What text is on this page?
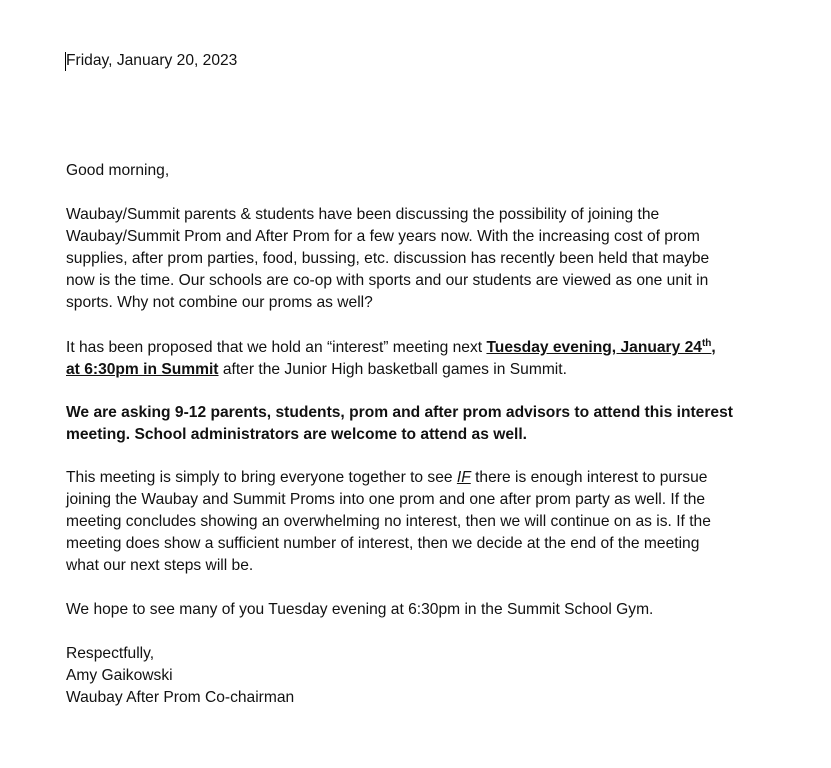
Friday, January 20, 2023
Good morning,
Waubay/Summit parents & students have been discussing the possibility of joining the
Waubay/Summit Prom and After Prom for a few years now. With the increasing cost of prom
supplies, after prom parties, food, bussing, etc. discussion has recently been held that maybe
now is the time. Our schools are co-op with sports and our students are viewed as one unit in
sports. Why not combine our proms as well?
It has been proposed that we hold an “interest” meeting next Tuesday evening, January 24th,
at 6:30pm in Summit after the Junior High basketball games in Summit.
We are asking 9-12 parents, students, prom and after prom advisors to attend this interest
meeting. School administrators are welcome to attend as well.
This meeting is simply to bring everyone together to see IF there is enough interest to pursue
joining the Waubay and Summit Proms into one prom and one after prom party as well. If the
meeting concludes showing an overwhelming no interest, then we will continue on as is. If the
meeting does show a sufficient number of interest, then we decide at the end of the meeting
what our next steps will be.
We hope to see many of you Tuesday evening at 6:30pm in the Summit School Gym.
Respectfully,
Amy Gaikowski
Waubay After Prom Co-chairman
